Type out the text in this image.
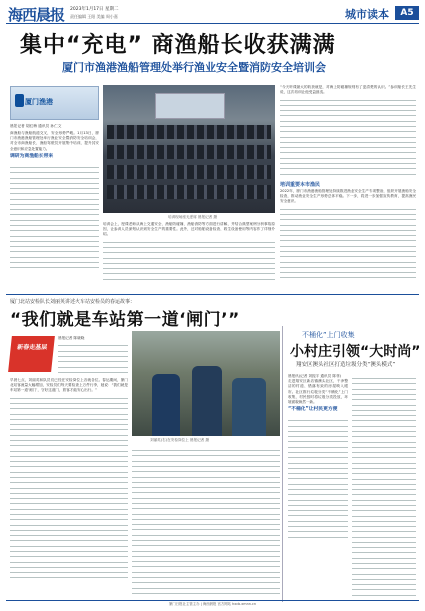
海西晨报 2023年1月17日 星期二
责任编辑 王阳 美编 周小嘉	城市读本	A5
集中“充电” 商渔船长收获满满
厦门市渔港渔船管理处举行渔业安全暨消防安全培训会
厦门渔港
晨报记者 胡红梅 通讯员 孙仁文

商渔船与渔船航道交叉，安全形势严峻。1月13日，厦门市渔港渔船管理处举行渔业安全暨消防安全培训会，对全市商渔船长、渔船驾驶员开展集中培训，提升其安全意识和应急处置能力。

调研为商渔船长带来
培训现场座无虚席 晨报记者 摄

培训会上，授课老师从海上交通安全、渔船防碰撞、渔船消防等方面进行讲解，并结合典型案例分析事故原因，让参训人员深刻认识到安全生产的重要性。此外，还对船舶设备检查、救生设备使用等内容作了详细介绍。

“今天听课最大的收获就是，对海上防碰撞规则有了更清楚的认识。”参训船长王先生说，这次培训让他受益匪浅。

培训重要本市渔民

2022年，厦门市渔港渔船管理处持续推进渔业安全生产专项整治，组织开展渔船安全检查，推动渔业安全生产形势总体平稳。下一步，将进一步加强宣传教育，提高渔民安全意识。

厦门北站安检队长刘丽英讲述火车站安检员的春运故事：
“我们就是车站第一道‘闸门’”
新春走基层

晨报记者 陈晓晓

早晨七点，刘丽英和队员们已经在安检岗位上各就各位。春运期间，厦门北站客流量大幅增加，安检员们每天要检查上万件行李，她说：“我们就是车站第一道‘闸门’，守好这道门，旅客才能安心出行。”

刘丽英(右)在安检岗位上 晨报记者 摄
不桶化”上门收集
小村庄引领“大时尚”
翔安区澳头社区打造垃圾分类“澳头模式”

晨报讯(记者 刘振宇 通讯员 陈菲)

走进翔安区新店镇澳头社区，干净整洁的村道、错落有致的房屋映入眼帘。社区推行垃圾分类“不桶化”上门收集，村民按时将垃圾分类投放，环境面貌焕然一新。

“不桶化”让村民更方便
厦门日报社主管主办 | 海西晨报 官方网站 hxcb.xmnn.cn
